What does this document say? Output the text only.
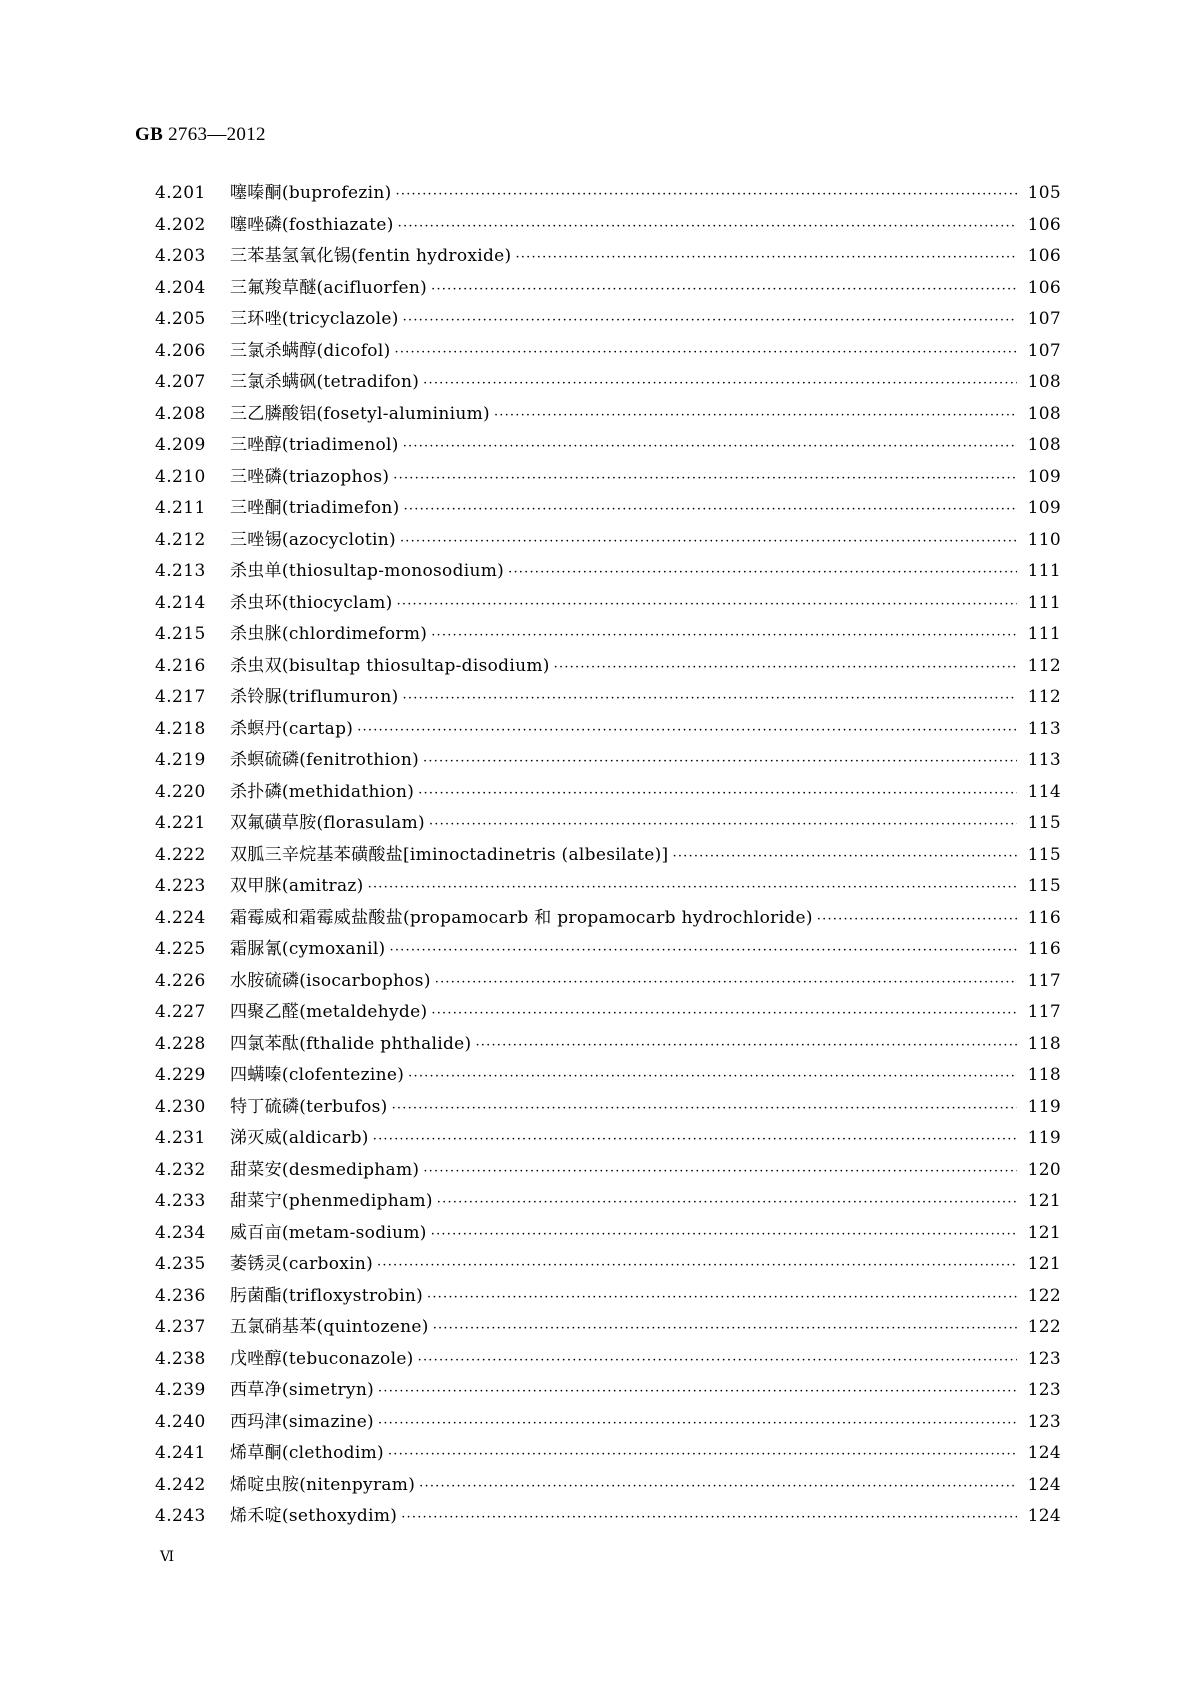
GB 2763—2012
4.201	噻嗪酮(buprofezin) ·····	105
4.202	噻唑磷(fosthiazate) ·····	106
4.203	三苯基氢氧化锡(fentin hydroxide) ·····	106
4.204	三氟羧草醚(acifluorfen) ·····	106
4.205	三环唑(tricyclazole) ·····	107
4.206	三氯杀螨醇(dicofol) ·····	107
4.207	三氯杀螨砜(tetradifon) ·····	108
4.208	三乙膦酸铝(fosetyl-aluminium) ·····	108
4.209	三唑醇(triadimenol) ·····	108
4.210	三唑磷(triazophos) ·····	109
4.211	三唑酮(triadimefon) ·····	109
4.212	三唑锡(azocyclotin) ·····	110
4.213	杀虫单(thiosultap-monosodium) ·····	111
4.214	杀虫环(thiocyclam) ·····	111
4.215	杀虫脒(chlordimeform) ·····	111
4.216	杀虫双(bisultap thiosultap-disodium) ·····	112
4.217	杀铃脲(triflumuron) ·····	112
4.218	杀螟丹(cartap) ·····	113
4.219	杀螟硫磷(fenitrothion) ·····	113
4.220	杀扑磷(methidathion) ·····	114
4.221	双氟磺草胺(florasulam) ·····	115
4.222	双胍三辛烷基苯磺酸盐[iminoctadinetris (albesilate)] ·····	115
4.223	双甲脒(amitraz) ·····	115
4.224	霜霉威和霜霉威盐酸盐(propamocarb 和 propamocarb hydrochloride) ·····	116
4.225	霜脲氰(cymoxanil) ·····	116
4.226	水胺硫磷(isocarbophos) ·····	117
4.227	四聚乙醛(metaldehyde) ·····	117
4.228	四氯苯酞(fthalide phthalide) ·····	118
4.229	四螨嗪(clofentezine) ·····	118
4.230	特丁硫磷(terbufos) ·····	119
4.231	涕灭威(aldicarb) ·····	119
4.232	甜菜安(desmedipham) ·····	120
4.233	甜菜宁(phenmedipham) ·····	121
4.234	威百亩(metam-sodium) ·····	121
4.235	萎锈灵(carboxin) ·····	121
4.236	肟菌酯(trifloxystrobin) ·····	122
4.237	五氯硝基苯(quintozene) ·····	122
4.238	戊唑醇(tebuconazole) ·····	123
4.239	西草净(simetryn) ·····	123
4.240	西玛津(simazine) ·····	123
4.241	烯草酮(clethodim) ·····	124
4.242	烯啶虫胺(nitenpyram) ·····	124
4.243	烯禾啶(sethoxydim) ·····	124
Ⅵ
